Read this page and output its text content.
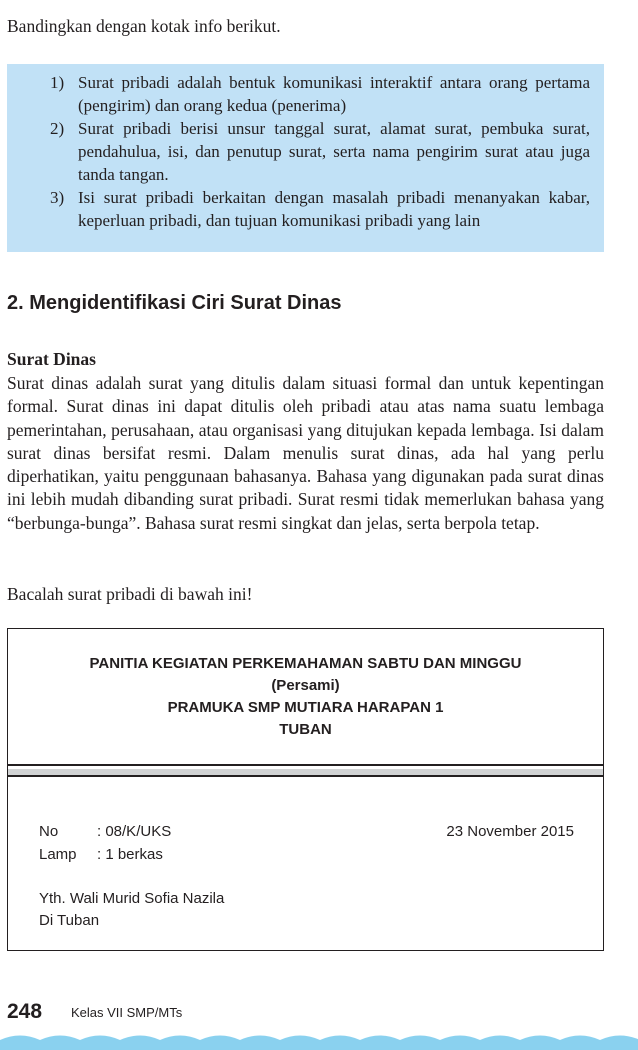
Bandingkan dengan kotak info berikut.
1) Surat pribadi adalah bentuk komunikasi interaktif antara orang pertama (pengirim) dan orang kedua (penerima)
2) Surat pribadi berisi unsur tanggal surat, alamat surat, pembuka surat, pendahulua, isi, dan penutup surat, serta nama pengirim surat atau juga tanda tangan.
3) Isi surat pribadi berkaitan dengan masalah pribadi menanyakan kabar, keperluan pribadi, dan tujuan komunikasi pribadi yang lain
2. Mengidentifikasi Ciri Surat Dinas
Surat Dinas
Surat dinas adalah surat yang ditulis dalam situasi formal dan untuk kepentingan formal. Surat dinas ini dapat ditulis oleh pribadi atau atas nama suatu lembaga pemerintahan, perusahaan, atau organisasi yang ditujukan kepada lembaga. Isi dalam surat dinas bersifat resmi. Dalam menulis surat dinas, ada hal yang perlu diperhatikan, yaitu penggunaan bahasanya. Bahasa yang digunakan pada surat dinas ini lebih mudah dibanding surat pribadi. Surat resmi tidak memerlukan bahasa yang “berbunga-bunga”. Bahasa surat resmi singkat dan jelas, serta berpola tetap.
Bacalah surat pribadi di bawah ini!
PANITIA KEGIATAN PERKEMAHAMAN SABTU DAN MINGGU
(Persami)
PRAMUKA SMP MUTIARA HARAPAN 1
TUBAN
No	: 08/K/UKS
Lamp : 1 berkas
23 November 2015
Yth. Wali Murid Sofia Nazila
Di Tuban
248 Kelas VII SMP/MTs
